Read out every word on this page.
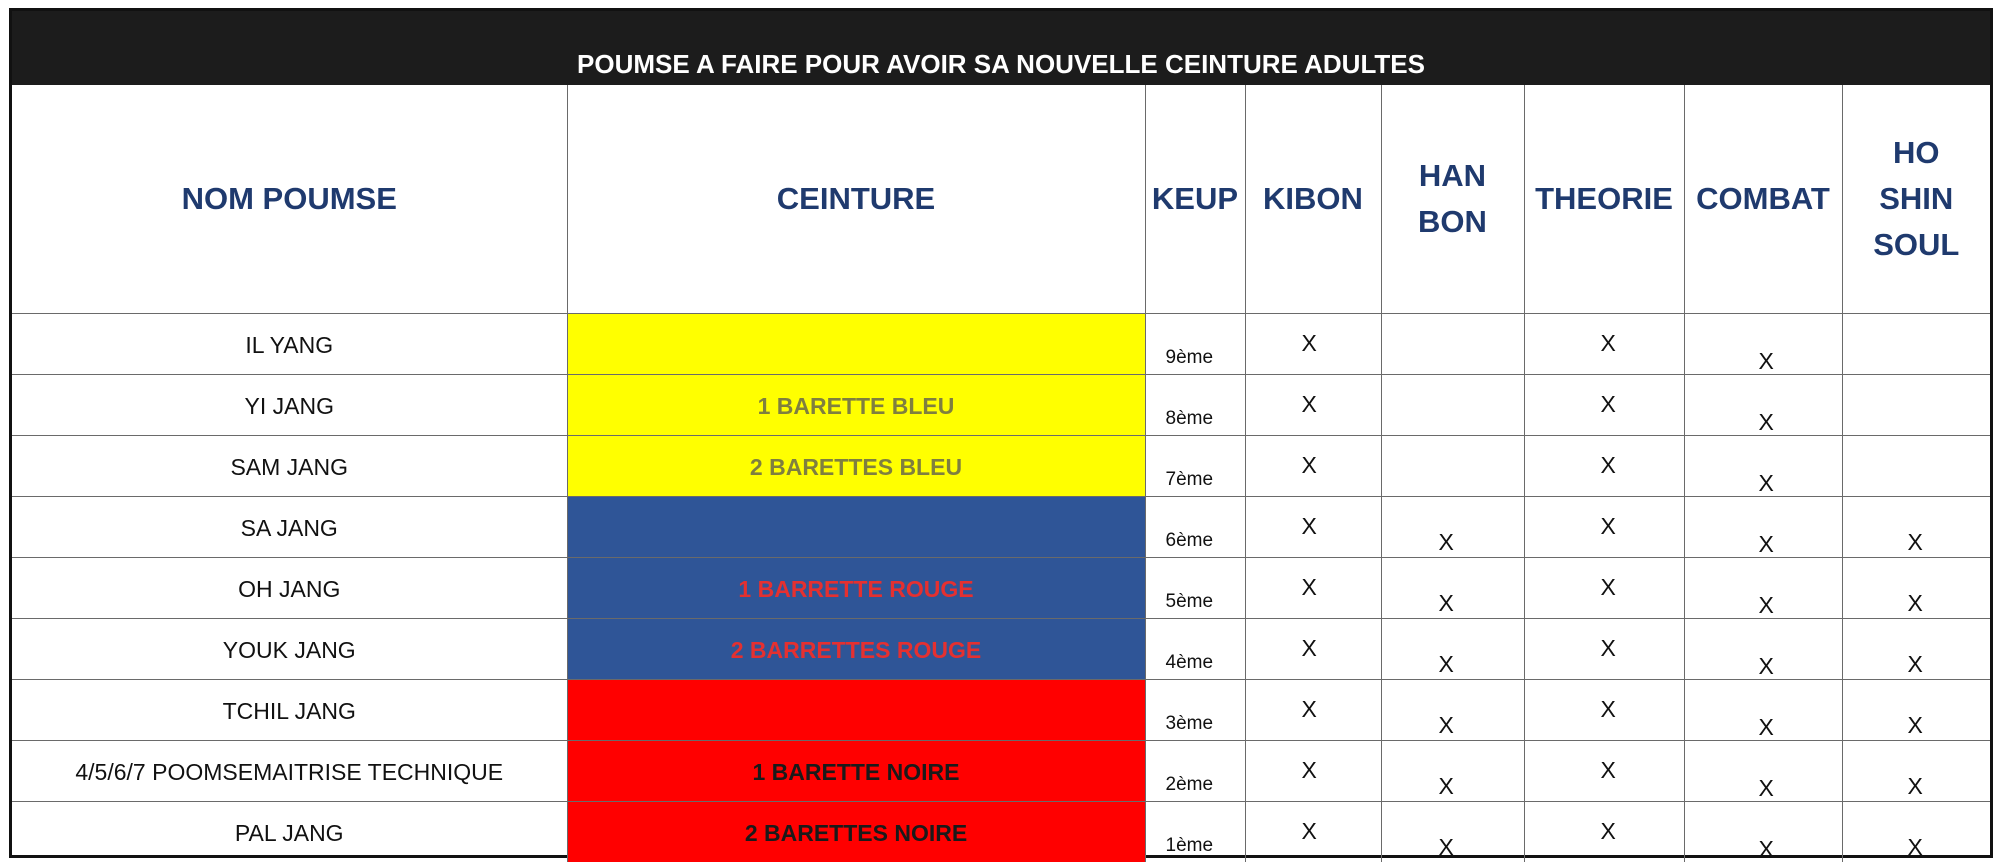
POUMSE A FAIRE POUR AVOIR SA NOUVELLE CEINTURE ADULTES
NOM POUMSE	CEINTURE	KEUP	KIBON	HAN BON	THEORIE	COMBAT	HO SHIN SOUL

IL YANG		9ème	X		X	X	

YI JANG	1 BARETTE BLEU	8ème	X		X	X	

SAM JANG	2 BARETTES BLEU	7ème	X		X	X	

SA JANG		6ème	X	X	X	X	X

OH JANG	1 BARRETTE ROUGE	5ème	X	X	X	X	X

YOUK JANG	2 BARRETTES ROUGE	4ème	X	X	X	X	X

TCHIL JANG		3ème	X	X	X	X	X

4/5/6/7 POOMSEMAITRISE TECHNIQUE	1 BARETTE NOIRE	2ème	X	X	X	X	X

PAL JANG	2 BARETTES NOIRE	1ème	X	X	X	X	X
